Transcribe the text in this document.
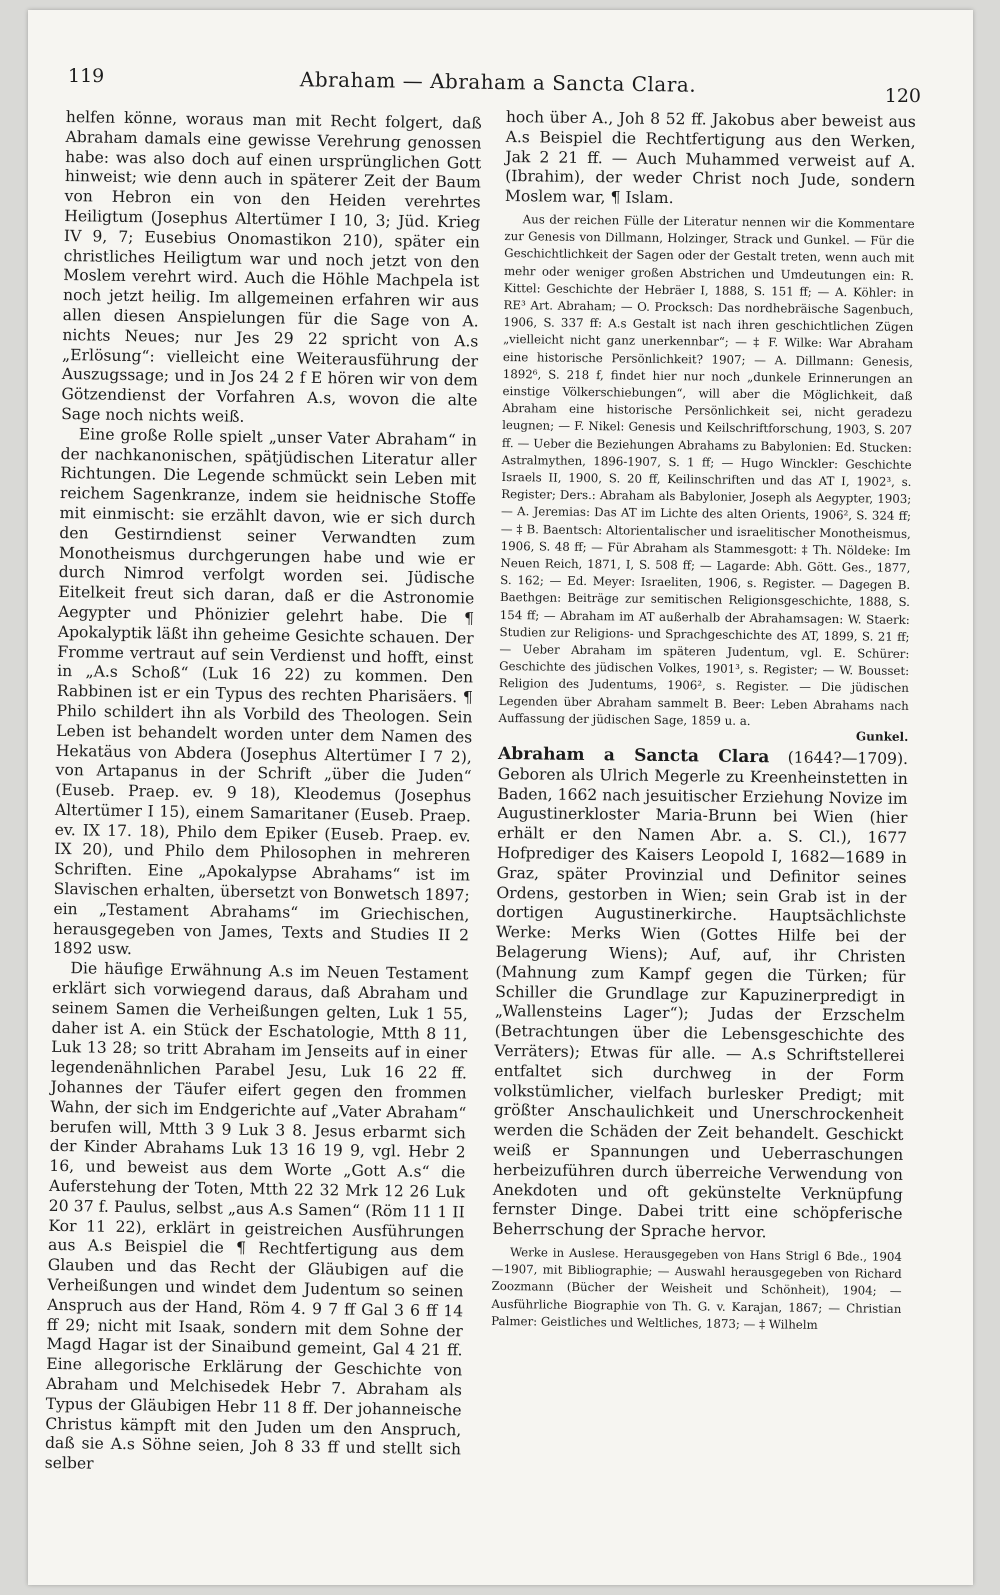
119	Abraham — Abraham a Sancta Clara.	120

helfen könne, woraus man mit Recht folgert, daß Abraham damals eine gewisse Verehrung genossen habe: was also doch auf einen ursprünglichen Gott hinweist; wie denn auch in späterer Zeit der Baum von Hebron ein von den Heiden verehrtes Heiligtum (Josephus Altertümer I 10, 3; Jüd. Krieg IV 9, 7; Eusebius Onomastikon 210), später ein christliches Heiligtum war und noch jetzt von den Moslem verehrt wird. Auch die Höhle Machpela ist noch jetzt heilig. Im allgemeinen erfahren wir aus allen diesen Anspielungen für die Sage von A. nichts Neues; nur Jes 29 22 spricht von A.s „Erlösung“: vielleicht eine Weiterausführung der Auszugssage; und in Jos 24 2 f E hören wir von dem Götzendienst der Vorfahren A.s, wovon die alte Sage noch nichts weiß.

Eine große Rolle spielt „unser Vater Abraham“ in der nachkanonischen, spätjüdischen Literatur aller Richtungen. Die Legende schmückt sein Leben mit reichem Sagenkranze, indem sie heidnische Stoffe mit einmischt: sie erzählt davon, wie er sich durch den Gestirndienst seiner Verwandten zum Monotheismus durchgerungen habe und wie er durch Nimrod verfolgt worden sei. Jüdische Eitelkeit freut sich daran, daß er die Astronomie Aegypter und Phönizier gelehrt habe. Die ¶ Apokalyptik läßt ihn geheime Gesichte schauen. Der Fromme vertraut auf sein Verdienst und hofft, einst in „A.s Schoß“ (Luk 16 22) zu kommen. Den Rabbinen ist er ein Typus des rechten Pharisäers. ¶ Philo schildert ihn als Vorbild des Theologen. Sein Leben ist behandelt worden unter dem Namen des Hekatäus von Abdera (Josephus Altertümer I 7 2), von Artapanus in der Schrift „über die Juden“ (Euseb. Praep. ev. 9 18), Kleodemus (Josephus Altertümer I 15), einem Samaritaner (Euseb. Praep. ev. IX 17. 18), Philo dem Epiker (Euseb. Praep. ev. IX 20), und Philo dem Philosophen in mehreren Schriften. Eine „Apokalypse Abrahams“ ist im Slavischen erhalten, übersetzt von Bonwetsch 1897; ein „Testament Abrahams“ im Griechischen, herausgegeben von James, Texts and Studies II 2 1892 usw.

Die häufige Erwähnung A.s im Neuen Testament erklärt sich vorwiegend daraus, daß Abraham und seinem Samen die Verheißungen gelten, Luk 1 55, daher ist A. ein Stück der Eschatologie, Mtth 8 11, Luk 13 28; so tritt Abraham im Jenseits auf in einer legendenähnlichen Parabel Jesu, Luk 16 22 ff. Johannes der Täufer eifert gegen den frommen Wahn, der sich im Endgerichte auf „Vater Abraham“ berufen will, Mtth 3 9 Luk 3 8. Jesus erbarmt sich der Kinder Abrahams Luk 13 16 19 9, vgl. Hebr 2 16, und beweist aus dem Worte „Gott A.s“ die Auferstehung der Toten, Mtth 22 32 Mrk 12 26 Luk 20 37 f. Paulus, selbst „aus A.s Samen“ (Röm 11 1 II Kor 11 22), erklärt in geistreichen Ausführungen aus A.s Beispiel die ¶ Rechtfertigung aus dem Glauben und das Recht der Gläubigen auf die Verheißungen und windet dem Judentum so seinen Anspruch aus der Hand, Röm 4. 9 7 ff Gal 3 6 ff 14 ff 29; nicht mit Isaak, sondern mit dem Sohne der Magd Hagar ist der Sinaibund gemeint, Gal 4 21 ff. Eine allegorische Erklärung der Geschichte von Abraham und Melchisedek Hebr 7. Abraham als Typus der Gläubigen Hebr 11 8 ff. Der johanneische Christus kämpft mit den Juden um den Anspruch, daß sie A.s Söhne seien, Joh 8 33 ff und stellt sich selber

hoch über A., Joh 8 52 ff. Jakobus aber beweist aus A.s Beispiel die Rechtfertigung aus den Werken, Jak 2 21 ff. — Auch Muhammed verweist auf A. (Ibrahim), der weder Christ noch Jude, sondern Moslem war, ¶ Islam.

Aus der reichen Fülle der Literatur nennen wir die Kommentare zur Genesis von Dillmann, Holzinger, Strack und Gunkel. — Für die Geschichtlichkeit der Sagen oder der Gestalt treten, wenn auch mit mehr oder weniger großen Abstrichen und Umdeutungen ein: R. Kittel: Geschichte der Hebräer I, 1888, S. 151 ff; — A. Köhler: in RE³ Art. Abraham; — O. Procksch: Das nordhebräische Sagenbuch, 1906, S. 337 ff: A.s Gestalt ist nach ihren geschichtlichen Zügen „vielleicht nicht ganz unerkennbar“; — ‡ F. Wilke: War Abraham eine historische Persönlichkeit? 1907; — A. Dillmann: Genesis, 1892⁶, S. 218 f, findet hier nur noch „dunkele Erinnerungen an einstige Völkerschiebungen“, will aber die Möglichkeit, daß Abraham eine historische Persönlichkeit sei, nicht geradezu leugnen; — F. Nikel: Genesis und Keilschriftforschung, 1903, S. 207 ff. — Ueber die Beziehungen Abrahams zu Babylonien: Ed. Stucken: Astralmythen, 1896-1907, S. 1 ff; — Hugo Winckler: Geschichte Israels II, 1900, S. 20 ff, Keilinschriften und das AT I, 1902³, s. Register; Ders.: Abraham als Babylonier, Joseph als Aegypter, 1903; — A. Jeremias: Das AT im Lichte des alten Orients, 1906², S. 324 ff; — ‡ B. Baentsch: Altorientalischer und israelitischer Monotheismus, 1906, S. 48 ff; — Für Abraham als Stammesgott: ‡ Th. Nöldeke: Im Neuen Reich, 1871, I, S. 508 ff; — Lagarde: Abh. Gött. Ges., 1877, S. 162; — Ed. Meyer: Israeliten, 1906, s. Register. — Dagegen B. Baethgen: Beiträge zur semitischen Religionsgeschichte, 1888, S. 154 ff; — Abraham im AT außerhalb der Abrahamsagen: W. Staerk: Studien zur Religions- und Sprachgeschichte des AT, 1899, S. 21 ff; — Ueber Abraham im späteren Judentum, vgl. E. Schürer: Geschichte des jüdischen Volkes, 1901³, s. Register; — W. Bousset: Religion des Judentums, 1906², s. Register. — Die jüdischen Legenden über Abraham sammelt B. Beer: Leben Abrahams nach Auffassung der jüdischen Sage, 1859 u. a.

Gunkel.

Abraham a Sancta Clara (1644?—1709). Geboren als Ulrich Megerle zu Kreenheinstetten in Baden, 1662 nach jesuitischer Erziehung Novize im Augustinerkloster Maria-Brunn bei Wien (hier erhält er den Namen Abr. a. S. Cl.), 1677 Hofprediger des Kaisers Leopold I, 1682—1689 in Graz, später Provinzial und Definitor seines Ordens, gestorben in Wien; sein Grab ist in der dortigen Augustinerkirche. Hauptsächlichste Werke: Merks Wien (Gottes Hilfe bei der Belagerung Wiens); Auf, auf, ihr Christen (Mahnung zum Kampf gegen die Türken; für Schiller die Grundlage zur Kapuzinerpredigt in „Wallensteins Lager“); Judas der Erzschelm (Betrachtungen über die Lebensgeschichte des Verräters); Etwas für alle. — A.s Schriftstellerei entfaltet sich durchweg in der Form volkstümlicher, vielfach burlesker Predigt; mit größter Anschaulichkeit und Unerschrockenheit werden die Schäden der Zeit behandelt. Geschickt weiß er Spannungen und Ueberraschungen herbeizuführen durch überreiche Verwendung von Anekdoten und oft gekünstelte Verknüpfung fernster Dinge. Dabei tritt eine schöpferische Beherrschung der Sprache hervor.

Werke in Auslese. Herausgegeben von Hans Strigl 6 Bde., 1904—1907, mit Bibliographie; — Auswahl herausgegeben von Richard Zoozmann (Bücher der Weisheit und Schönheit), 1904; — Ausführliche Biographie von Th. G. v. Karajan, 1867; — Christian Palmer: Geistliches und Weltliches, 1873; — ‡ Wilhelm
